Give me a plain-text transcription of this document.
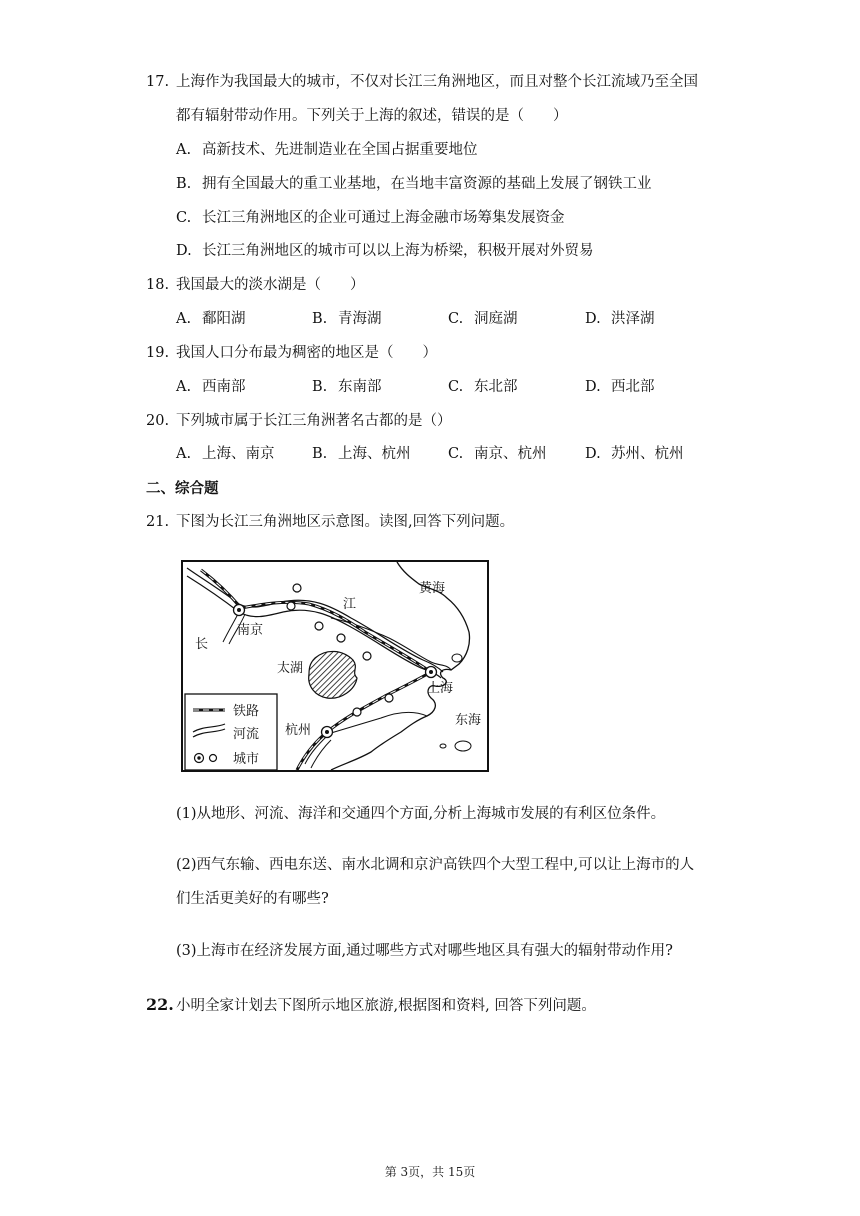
17. 上海作为我国最大的城市，不仅对长江三角洲地区，而且对整个长江流域乃至全国
都有辐射带动作用。下列关于上海的叙述，错误的是（　　）
A. 高新技术、先进制造业在全国占据重要地位
B. 拥有全国最大的重工业基地，在当地丰富资源的基础上发展了钢铁工业
C. 长江三角洲地区的企业可通过上海金融市场筹集发展资金
D. 长江三角洲地区的城市可以以上海为桥梁，积极开展对外贸易
18. 我国最大的淡水湖是（　　）
A. 鄱阳湖	B. 青海湖	C. 洞庭湖	D. 洪泽湖
19. 我国人口分布最为稠密的地区是（　　）
A. 西南部	B. 东南部	C. 东北部	D. 西北部
20. 下列城市属于长江三角洲著名古都的是（）
A. 上海、南京	B. 上海、杭州	C. 南京、杭州	D. 苏州、杭州
二、综合题
21. 下图为长江三角洲地区示意图。读图,回答下列问题。
黄海
江
长
南京
太湖
上海
杭州
东海
铁路
河流
城市
(1)从地形、河流、海洋和交通四个方面,分析上海城市发展的有利区位条件。
(2)西气东输、西电东送、南水北调和京沪高铁四个大型工程中,可以让上海市的人
们生活更美好的有哪些?
(3)上海市在经济发展方面,通过哪些方式对哪些地区具有强大的辐射带动作用?
22. 小明全家计划去下图所示地区旅游,根据图和资料, 回答下列问题。
第 3页，共 15页
